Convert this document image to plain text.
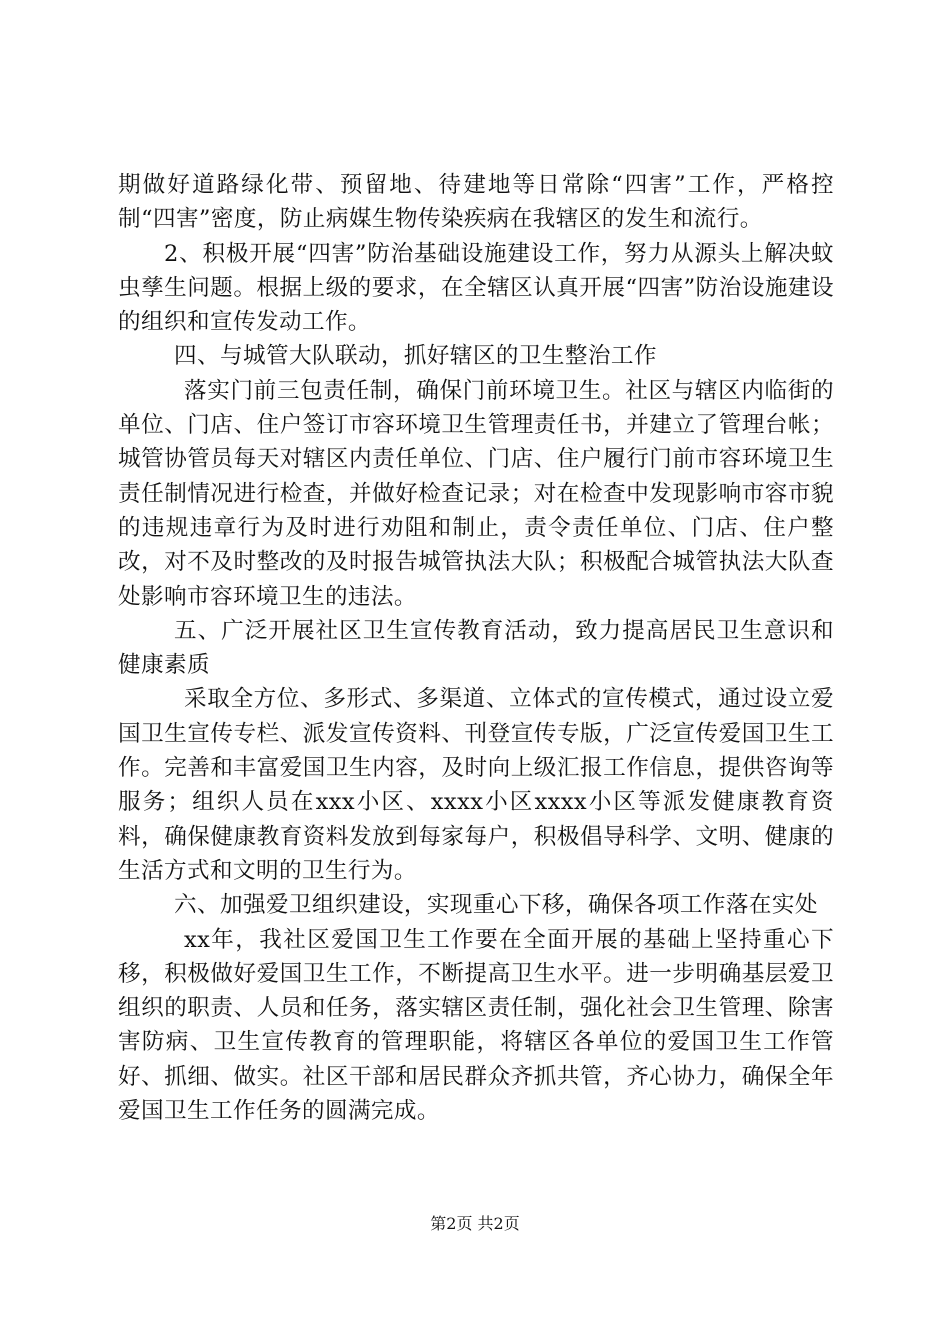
期做好道路绿化带、预留地、待建地等日常除“四害”工作，严格控制“四害”密度，防止病媒生物传染疾病在我辖区的发生和流行。

2、积极开展“四害”防治基础设施建设工作，努力从源头上解决蚊虫孳生问题。根据上级的要求，在全辖区认真开展“四害”防治设施建设的组织和宣传发动工作。

四、与城管大队联动，抓好辖区的卫生整治工作

落实门前三包责任制，确保门前环境卫生。社区与辖区内临街的单位、门店、住户签订市容环境卫生管理责任书，并建立了管理台帐；城管协管员每天对辖区内责任单位、门店、住户履行门前市容环境卫生责任制情况进行检查，并做好检查记录；对在检查中发现影响市容市貌的违规违章行为及时进行劝阻和制止，责令责任单位、门店、住户整改，对不及时整改的及时报告城管执法大队；积极配合城管执法大队查处影响市容环境卫生的违法。

五、广泛开展社区卫生宣传教育活动，致力提高居民卫生意识和健康素质

采取全方位、多形式、多渠道、立体式的宣传模式，通过设立爱国卫生宣传专栏、派发宣传资料、刊登宣传专版，广泛宣传爱国卫生工作。完善和丰富爱国卫生内容，及时向上级汇报工作信息，提供咨询等服务；组织人员在xxx小区、xxxx小区xxxx小区等派发健康教育资料，确保健康教育资料发放到每家每户，积极倡导科学、文明、健康的生活方式和文明的卫生行为。

六、加强爱卫组织建设，实现重心下移，确保各项工作落在实处

xx年，我社区爱国卫生工作要在全面开展的基础上坚持重心下移，积极做好爱国卫生工作，不断提高卫生水平。进一步明确基层爱卫组织的职责、人员和任务，落实辖区责任制，强化社会卫生管理、除害害防病、卫生宣传教育的管理职能，将辖区各单位的爱国卫生工作管好、抓细、做实。社区干部和居民群众齐抓共管，齐心协力，确保全年爱国卫生工作任务的圆满完成。

第2页 共2页
